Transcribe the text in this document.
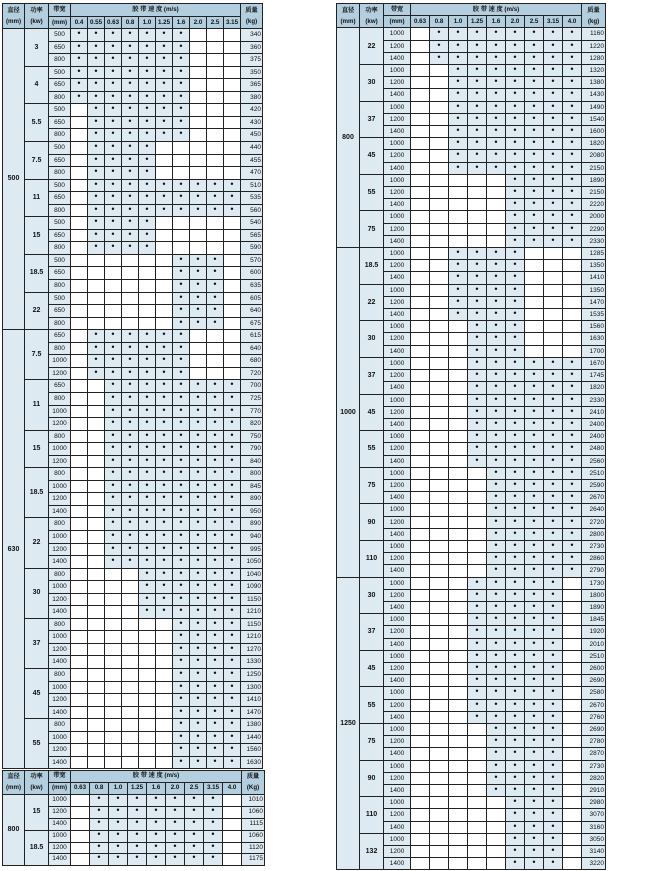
直径
(mm)	功率
(kw)	带宽	胶 带 速 度 (m/s)										质量
(kg)
		(mm)	0.4	0.55	0.63	0.8	1.0	1.25	1.6	2.0	2.5	3.15	
500	3	500	•	•	•	•	•	•	•				340
		650	•	•	•	•	•	•	•				360
		800	•	•	•	•	•	•	•				375
	4	500	•	•	•	•	•	•	•				350
		650	•	•	•	•	•	•	•				365
		800	•	•	•	•	•	•	•				380
	5.5	500		•	•	•	•	•	•				420
		650		•	•	•	•	•	•				430
		800		•	•	•	•	•	•				450
	7.5	500		•	•	•	•						440
		650		•	•	•	•						455
		800		•	•	•	•						470
	11	500		•	•	•	•	•	•	•	•	•	510
		650		•	•	•	•	•	•	•	•	•	535
		800		•	•	•	•	•	•	•	•	•	560
	15	500		•	•	•	•						540
		650		•	•	•	•						565
		800		•	•	•	•						590
	18.5	500							•	•	•		570
		650							•	•	•		600
		800							•	•	•		635
	22	500							•	•	•		605
		650							•	•	•		640
		800							•	•	•		675
630	7.5	650		•	•	•	•	•	•				615
		800		•	•	•	•	•	•				640
		1000		•	•	•	•	•	•				680
		1200		•	•	•	•	•	•				720
	11	650			•	•	•	•	•	•	•	•	700
		800			•	•	•	•	•	•	•	•	725
		1000			•	•	•	•	•	•	•	•	770
		1200			•	•	•	•	•	•	•	•	820
	15	800			•	•	•	•	•	•	•	•	750
		1000			•	•	•	•	•	•	•	•	790
		1200			•	•	•	•	•	•	•	•	840
	18.5	800			•	•	•	•	•	•	•	•	800
		1000			•	•	•	•	•	•	•	•	845
		1200			•	•	•	•	•	•	•	•	890
		1400			•	•	•	•	•	•	•	•	950
	22	800			•	•	•	•	•	•	•	•	890
		1000			•	•	•	•	•	•	•	•	940
		1200			•	•	•	•	•	•	•	•	995
		1400			•	•	•	•	•	•	•	•	1050
	30	800					•	•	•	•	•	•	1040
		1000					•	•	•	•	•	•	1090
		1200					•	•	•	•	•	•	1150
		1400					•	•	•	•	•	•	1210
	37	800							•	•	•	•	1150
		1000							•	•	•	•	1210
		1200							•	•	•	•	1270
		1400							•	•	•	•	1330
	45	800							•	•	•	•	1250
		1000							•	•	•	•	1300
		1200							•	•	•	•	1410
		1400							•	•	•	•	1470
	55	800							•	•	•	•	1380
		1000							•	•	•	•	1440
		1200							•	•	•	•	1560
		1400							•	•	•	•	1630
直径
(mm)	功率
(kw)	带宽	胶 带 速 度 (m/s)									质量
(Kg)
		(mm)	0.63	0.8	1.0	1.25	1.6	2.0	2.5	3.15	4.0	
800	15	1000		•	•	•	•	•	•	•		1010
		1200		•	•	•	•	•	•	•		1060
		1400		•	•	•	•	•	•	•		1115
	18.5	1000		•	•	•	•	•	•	•		1060
		1200		•	•	•	•	•	•	•		1120
		1400		•	•	•	•	•	•	•		1175
直径
(mm)	功率
(kw)	带宽	胶 带 速 度 (m/s)									质量
(kg)
		(mm)	0.63	0.8	1.0	1.25	1.6	2.0	2.5	3.15	4.0	
800	22	1000		•	•	•	•	•	•	•	•	1160
		1200		•	•	•	•	•	•	•	•	1220
		1400		•	•	•	•	•	•	•	•	1280
	30	1000			•	•	•	•	•	•	•	1320
		1200			•	•	•	•	•	•	•	1380
		1400			•	•	•	•	•	•	•	1430
	37	1000			•	•	•	•	•	•	•	1490
		1200			•	•	•	•	•	•	•	1540
		1400			•	•	•	•	•	•	•	1600
	45	1000			•	•	•	•	•	•	•	1820
		1200			•	•	•	•	•	•	•	2080
		1400			•	•	•	•	•	•	•	2150
	55	1000						•	•	•	•	1890
		1200						•	•	•	•	2150
		1400						•	•	•	•	2220
	75	1000						•	•	•	•	2000
		1200						•	•	•	•	2290
		1400						•	•	•	•	2330
1000	18.5	1000			•	•	•	•				1285
		1200			•	•	•	•				1350
		1400			•	•	•	•				1410
	22	1000			•	•	•	•				1350
		1200			•	•	•	•				1470
		1400			•	•	•	•				1535
	30	1000				•	•	•				1560
		1200				•	•	•				1630
		1400				•	•	•				1700
	37	1000				•	•	•	•	•	•	1670
		1200				•	•	•	•	•	•	1745
		1400				•	•	•	•	•	•	1820
	45	1000				•	•	•	•	•	•	2330
		1200				•	•	•	•	•	•	2410
		1400				•	•	•	•	•	•	2400
	55	1000				•	•	•	•	•	•	2400
		1200				•	•	•	•	•	•	2480
		1400				•	•	•	•	•	•	2560
	75	1000					•	•	•	•	•	2510
		1200					•	•	•	•	•	2590
		1400					•	•	•	•	•	2670
	90	1000					•	•	•	•	•	2640
		1200					•	•	•	•	•	2720
		1400					•	•	•	•	•	2800
	110	1000					•	•	•	•	•	2730
		1200					•	•	•	•	•	2860
		1400					•	•	•	•	•	2790
1250	30	1000				•	•	•	•	•		1730
		1200				•	•	•	•	•		1800
		1400				•	•	•	•	•		1890
	37	1000				•	•	•	•	•		1845
		1200				•	•	•	•	•		1920
		1400				•	•	•	•	•		2010
	45	1000				•	•	•	•	•		2510
		1200				•	•	•	•	•		2600
		1400				•	•	•	•	•		2690
	55	1000				•	•	•	•	•		2580
		1200				•	•	•	•	•		2670
		1400				•	•	•	•	•		2760
	75	1000					•	•	•	•		2690
		1200					•	•	•	•		2780
		1400					•	•	•	•		2870
	90	1000					•	•	•	•		2730
		1200					•	•	•	•		2820
		1400					•	•	•	•		2910
	110	1000						•	•	•		2980
		1200						•	•	•		3070
		1400						•	•	•		3160
	132	1000						•	•	•		3050
		1200						•	•	•		3140
		1400						•	•	•		3220
